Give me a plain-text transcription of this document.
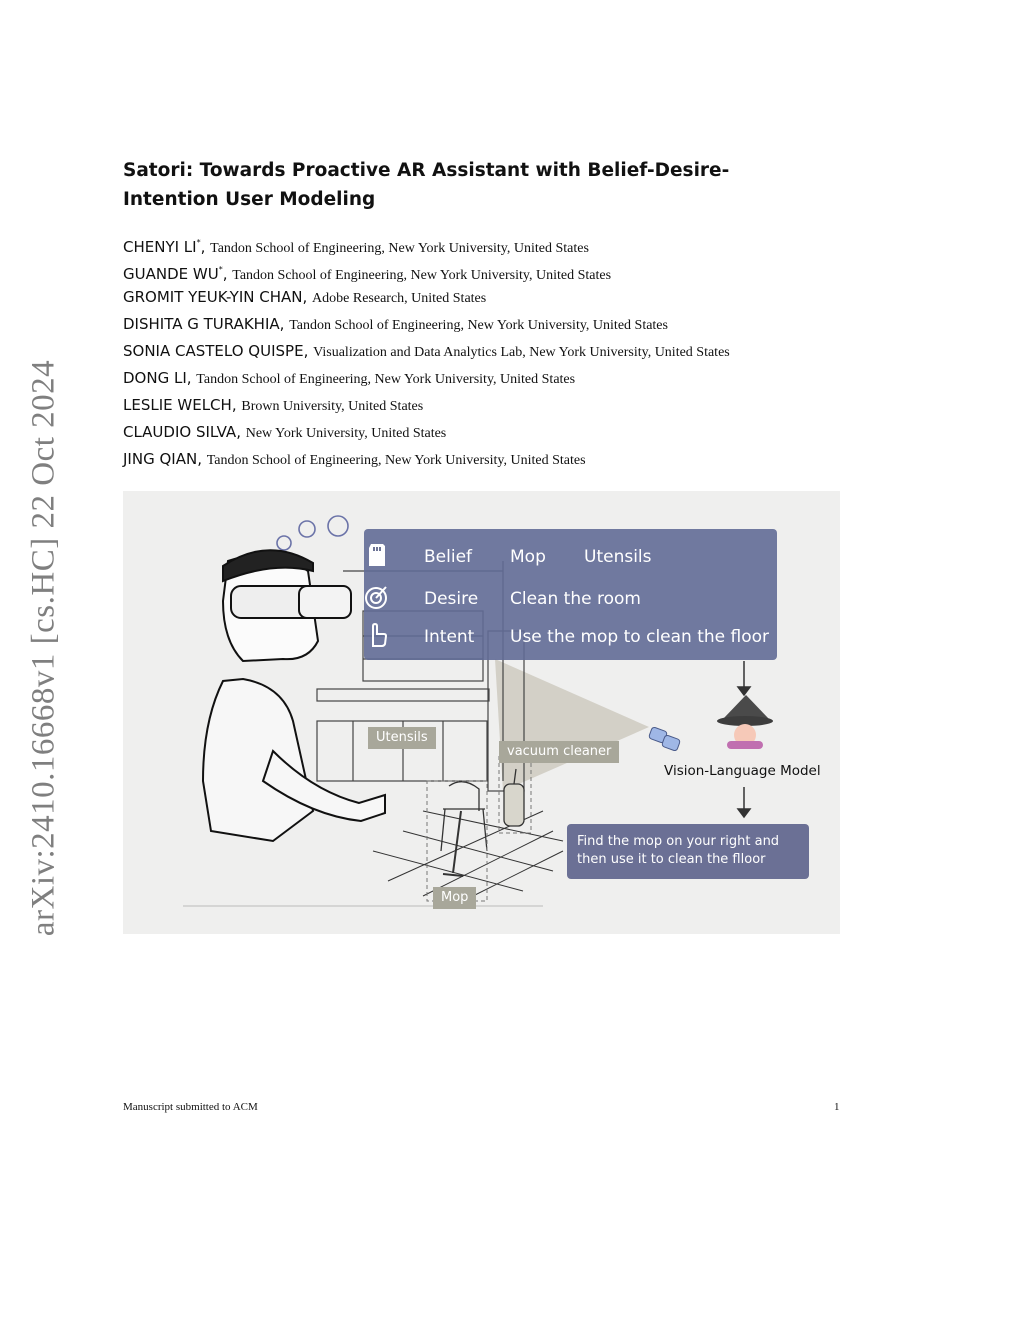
arXiv:2410.16668v1 [cs.HC] 22 Oct 2024
Satori: Towards Proactive AR Assistant with Belief-Desire-Intention User Modeling
CHENYI LI*, Tandon School of Engineering, New York University, United States
GUANDE WU*, Tandon School of Engineering, New York University, United States
GROMIT YEUK-YIN CHAN, Adobe Research, United States
DISHITA G TURAKHIA, Tandon School of Engineering, New York University, United States
SONIA CASTELO QUISPE, Visualization and Data Analytics Lab, New York University, United States
DONG LI, Tandon School of Engineering, New York University, United States
LESLIE WELCH, Brown University, United States
CLAUDIO SILVA, New York University, United States
JING QIAN, Tandon School of Engineering, New York University, United States
Belief Mop Utensils
Desire Clean the room
Intent Use the mop to clean the floor
Utensils
vacuum cleaner
Mop
Vision-Language Model
Find the mop on your right and then use it to clean the flloor
Manuscript submitted to ACM	1
